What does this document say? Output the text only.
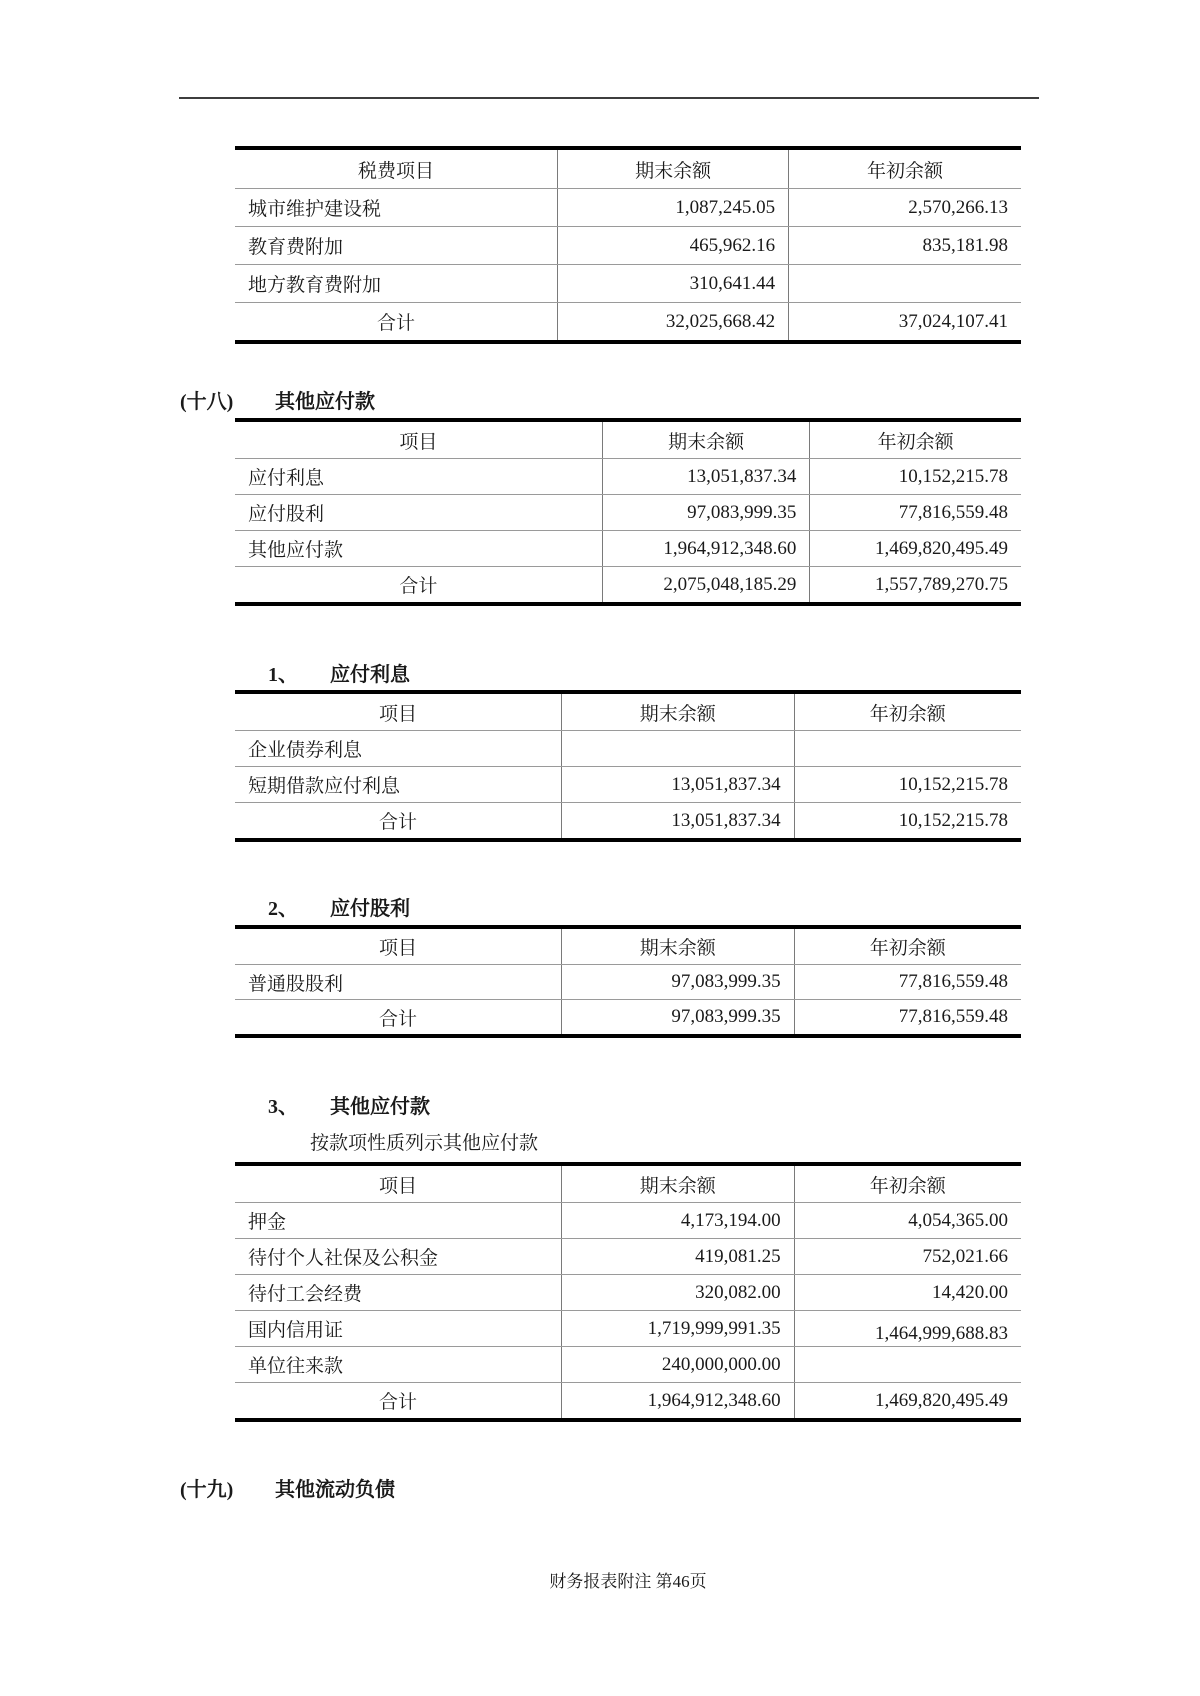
税费项目	期末余额	年初余额
城市维护建设税	1,087,245.05	2,570,266.13
教育费附加	465,962.16	835,181.98
地方教育费附加	310,641.44
合计	32,025,668.42	37,024,107.41
(十八) 其他应付款
项目	期末余额	年初余额
应付利息	13,051,837.34	10,152,215.78
应付股利	97,083,999.35	77,816,559.48
其他应付款	1,964,912,348.60	1,469,820,495.49
合计	2,075,048,185.29	1,557,789,270.75
1、 应付利息
项目	期末余额	年初余额
企业债券利息
短期借款应付利息	13,051,837.34	10,152,215.78
合计	13,051,837.34	10,152,215.78
2、 应付股利
项目	期末余额	年初余额
普通股股利	97,083,999.35	77,816,559.48
合计	97,083,999.35	77,816,559.48
3、 其他应付款
按款项性质列示其他应付款
项目	期末余额	年初余额
押金	4,173,194.00	4,054,365.00
待付个人社保及公积金	419,081.25	752,021.66
待付工会经费	320,082.00	14,420.00
国内信用证	1,719,999,991.35	1,464,999,688.83
单位往来款	240,000,000.00
合计	1,964,912,348.60	1,469,820,495.49
(十九) 其他流动负债
财务报表附注 第46页
